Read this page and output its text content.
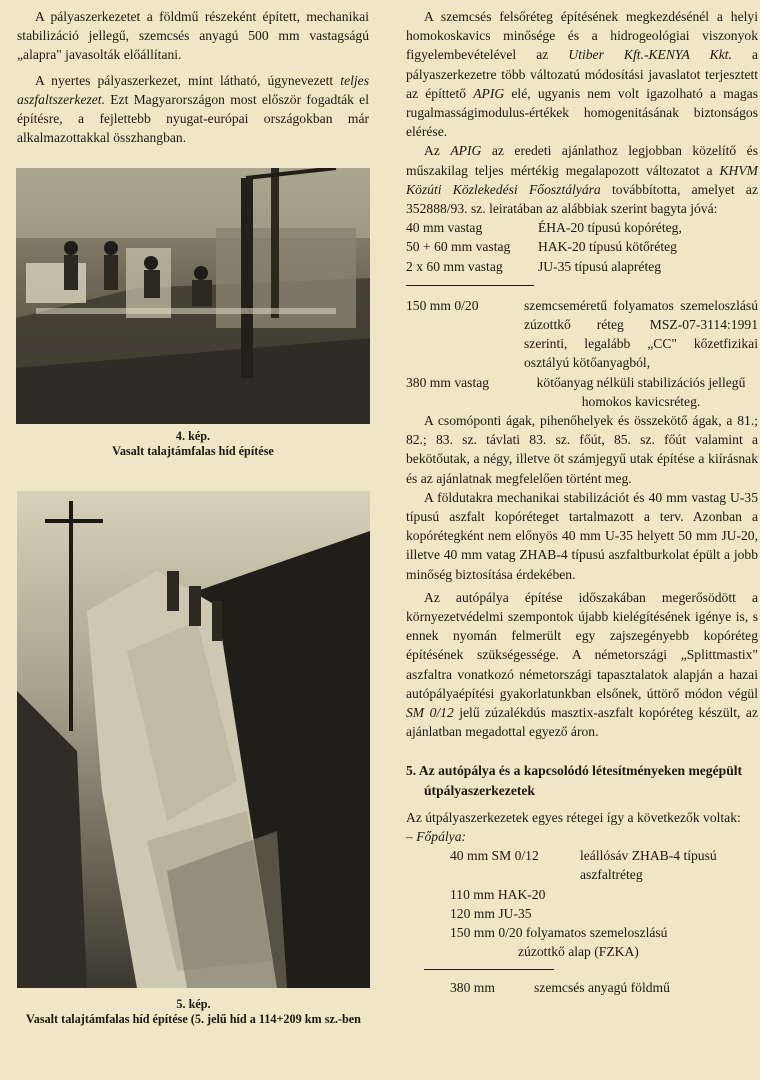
A pályaszerkezetet a földmű részeként épített, mechanikai stabilizáció jellegű, szemcsés anyagú 500 mm vastagságú „alapra" javasolták előállítani.

A nyertes pályaszerkezet, mint látható, úgynevezett teljes aszfaltszerkezet. Ezt Magyarországon most először fogadták el építésre, a fejlettebb nyugat-európai országokban már alkalmazottakkal összhangban.

4. kép.
Vasalt talajtámfalas híd építése
5. kép.
Vasalt talajtámfalas híd építése (5. jelű híd a 114+209 km sz.-ben

A szemcsés felsőréteg építésének megkezdésénél a helyi homokoskavics minősége és a hidrogeológiai viszonyok figyelembevételével az Utiber Kft.-KENYA Kkt. a pályaszerkezetre több változatú módosítási javaslatot terjesztett az építtető APIG elé, ugyanis nem volt igazolható a magas rugalmasságimodulus-értékek homogenitásának biztonságos elérése.

Az APIG az eredeti ajánlathoz legjobban közelítő és műszakilag teljes mértékig megalapozott változatot a KHVM Közúti Közlekedési Főosztályára továbbította, amelyet az 352888/93. sz. leiratában az alábbiak szerint bagyta jóvá:

40 mm vastag	ÉHA-20 típusú kopóréteg,
50 + 60 mm vastag HAK-20 típusú kötőréteg
2 x 60 mm vastag	JU-35 típusú alapréteg
150 mm 0/20	szemcseméretű folyamatos szemeloszlású zúzottkő réteg MSZ-07-3114:1991 szerinti, legalább „CC" kőzetfizikai osztályú kötőanyagból,
380 mm vastag	kötőanyag nélküli stabilizációs jellegű homokos kavicsréteg.

A csomóponti ágak, pihenőhelyek és összekötő ágak, a 81.; 82.; 83. sz. távlati 83. sz. főút, 85. sz. főút valamint a bekötőutak, a négy, illetve öt számjegyű utak építése a kiírásnak és az ajánlatnak megfelelően történt meg.

A földutakra mechanikai stabilizációt és 40 mm vastag U-35 típusú aszfalt kopóréteget tartalmazott a terv. Azonban a kopórétegként nem előnyös 40 mm U-35 helyett 50 mm JU-20, illetve 40 mm vatag ZHAB-4 típusú aszfaltburkolat épült a jobb minőség biztosítása érdekében.

Az autópálya építése időszakában megerősödött a környezetvédelmi szempontok újabb kielégítésének igénye is, s ennek nyomán felmerült egy zajszegényebb kopóréteg építésének szükségessége. A németországi „Splittmastix" aszfaltra vonatkozó németországi tapasztalatok alapján a hazai autópályaépítési gyakorlatunkban elsőnek, úttörő módon végül SM 0/12 jelű zúzalékdús masztix-aszfalt kopóréteg készült, az ajánlatban megadottal egyező áron.

5. Az autópálya és a kapcsolódó létesítményeken megépült útpályaszerkezetek

Az útpályaszerkezetek egyes rétegei így a következők voltak:

– Főpálya:
40 mm SM 0/12	leállósáv ZHAB-4 típusú
aszfaltréteg
110 mm HAK-20
120 mm JU-35
150 mm 0/20 folyamatos szemeloszlású
zúzottkő alap (FZKA)
380 mm	szemcsés anyagú földmű
